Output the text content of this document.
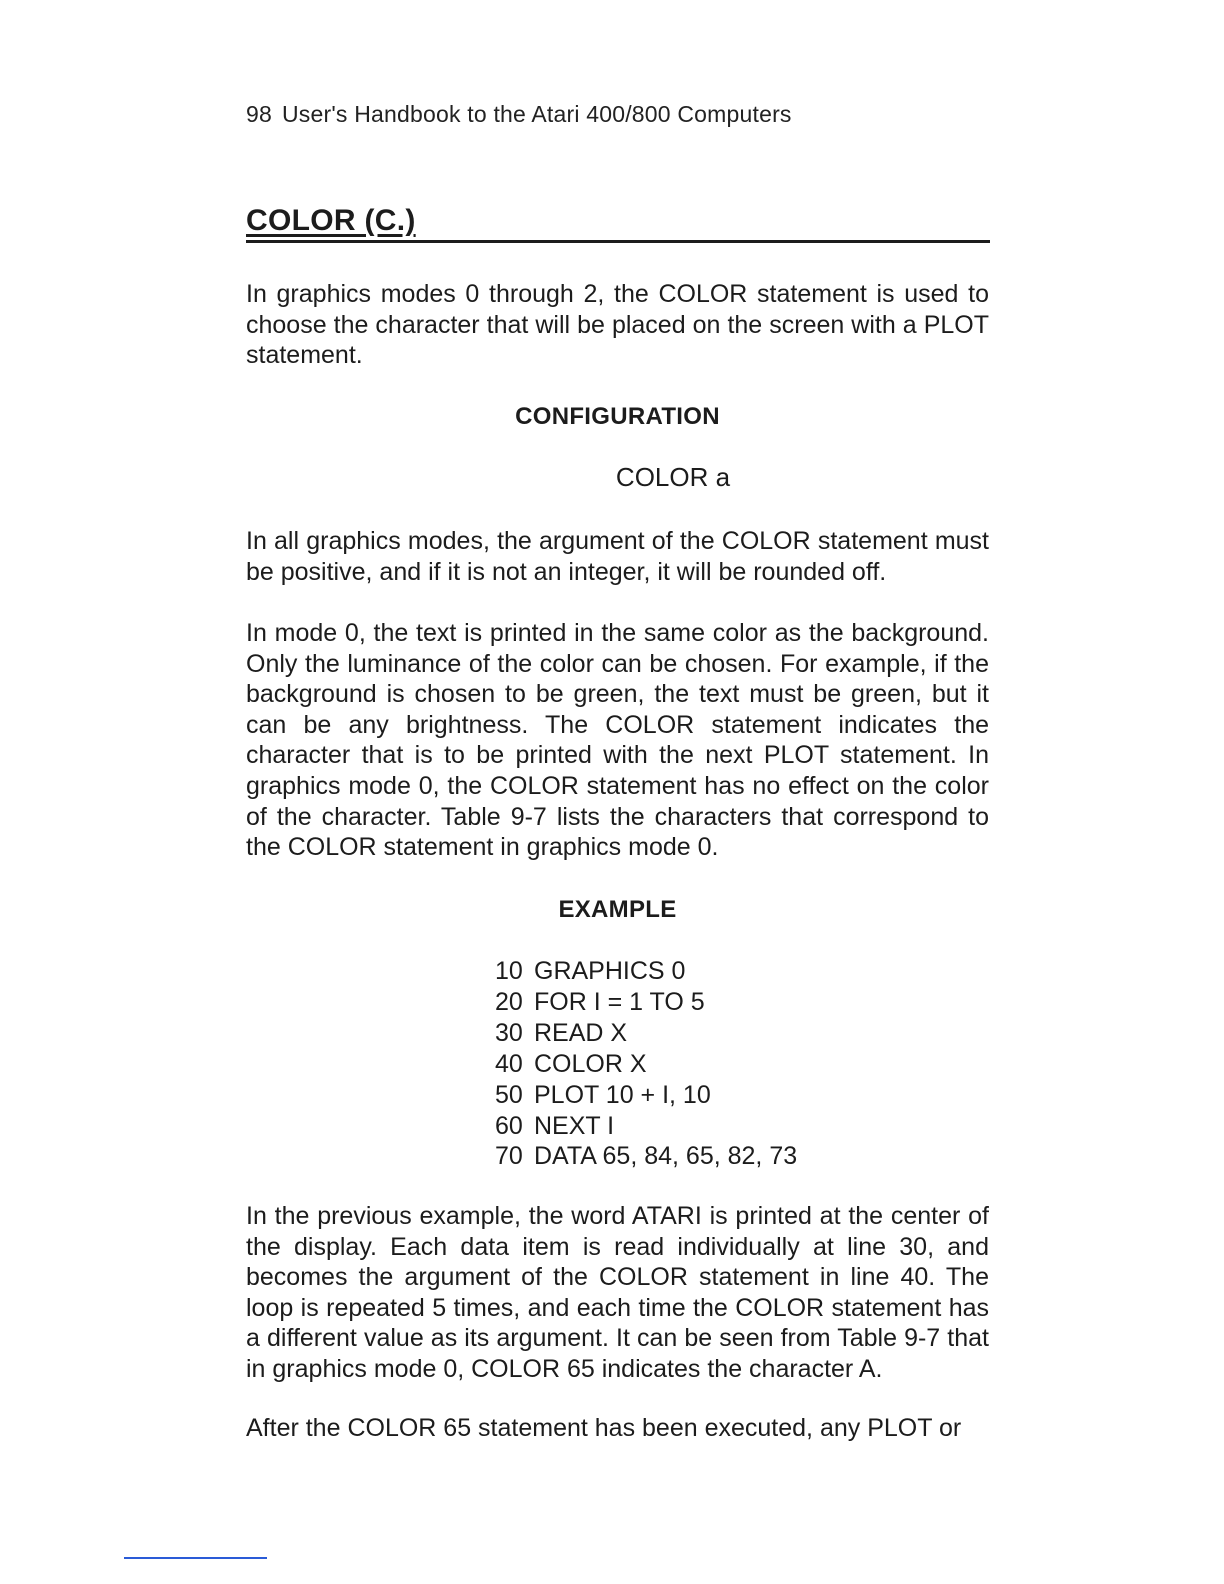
98 User's Handbook to the Atari 400/800 Computers
COLOR (C.)

In graphics modes 0 through 2, the COLOR statement is used to choose the character that will be placed on the screen with a PLOT statement.

CONFIGURATION
COLOR a

In all graphics modes, the argument of the COLOR statement must be positive, and if it is not an integer, it will be rounded off.

In mode 0, the text is printed in the same color as the background. Only the luminance of the color can be chosen. For example, if the background is chosen to be green, the text must be green, but it can be any brightness. The COLOR statement indicates the character that is to be printed with the next PLOT statement. In graphics mode 0, the COLOR statement has no effect on the color of the character. Table 9-7 lists the characters that correspond to the COLOR statement in graphics mode 0.

EXAMPLE
10 GRAPHICS 0
20 FOR I = 1 TO 5
30 READ X
40 COLOR X
50 PLOT 10 + I, 10
60 NEXT I
70 DATA 65, 84, 65, 82, 73

In the previous example, the word ATARI is printed at the center of the display. Each data item is read individually at line 30, and becomes the argument of the COLOR statement in line 40. The loop is repeated 5 times, and each time the COLOR statement has a different value as its argument. It can be seen from Table 9-7 that in graphics mode 0, COLOR 65 indicates the character A.

After the COLOR 65 statement has been executed, any PLOT or
